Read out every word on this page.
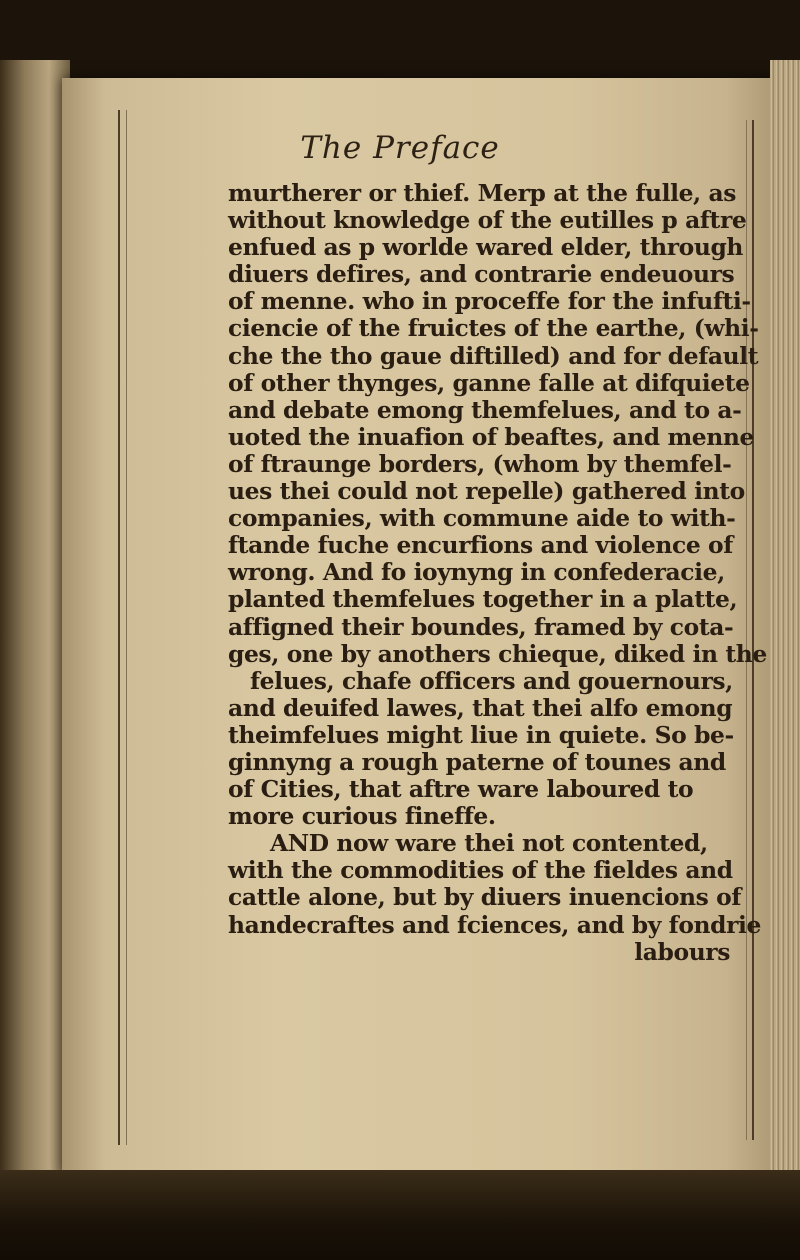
The Preface
murtherer or thief. Merp at the fulle, as
without knowledge of the eutilles p aftre
enfued as p worlde wared elder, through
diuers defires, and contrarie endeuours
of menne. who in proceffe for the infufti-
ciencie of the fruictes of the earthe, (whi-
che the tho gaue diftilled) and for default
of other thynges, ganne falle at difquiete
and debate emong themfelues, and to a-
uoted the inuafion of beaftes, and menne
of ftraunge borders, (whom by themfel-
ues thei could not repelle) gathered into
companies, with commune aide to with-
ftande fuche encurfions and violence of
wrong. And fo ioynyng in confederacie,
planted themfelues together in a platte,
affigned their boundes, framed by cota-
ges, one by anothers chieque, diked in the
felues, chafe officers and gouernours,
and deuifed lawes, that thei alfo emong
theimfelues might liue in quiete. So be-
ginnyng a rough paterne of tounes and
of Cities, that aftre ware laboured to
more curious fineffe.
AND now ware thei not contented,
with the commodities of the fieldes and
cattle alone, but by diuers inuencions of
handecraftes and fciences, and by fondrie
labours
